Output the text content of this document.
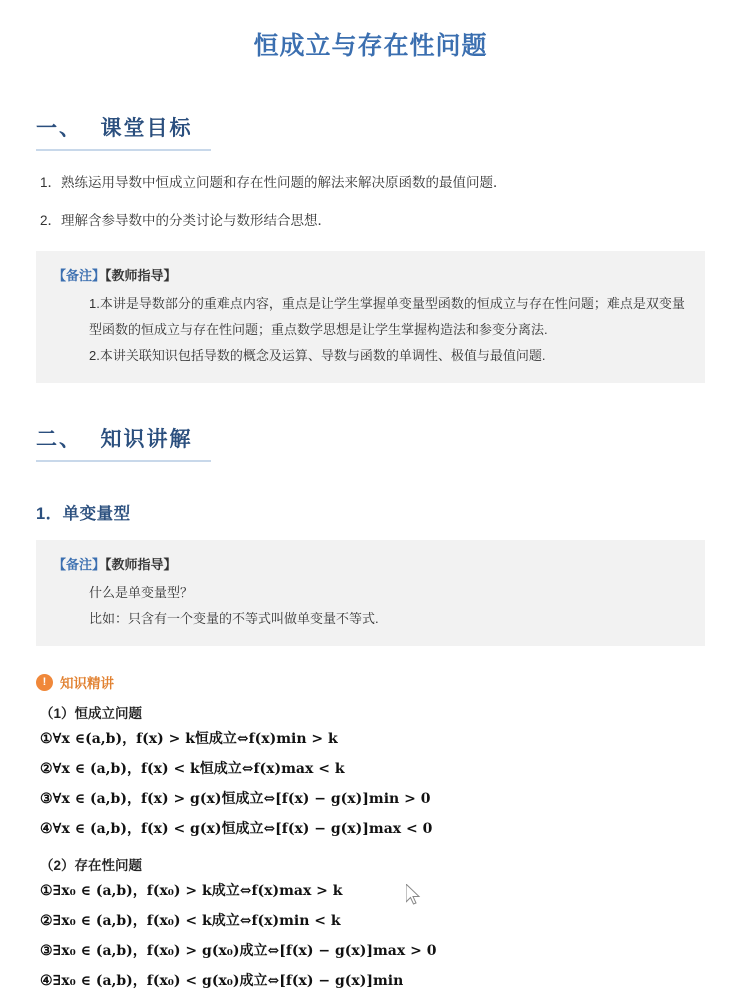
恒成立与存在性问题
一、 课堂目标
1．熟练运用导数中恒成立问题和存在性问题的解法来解决原函数的最值问题．
2．理解含参导数中的分类讨论与数形结合思想．
【备注】【教师指导】

1.本讲是导数部分的重难点内容，重点是让学生掌握单变量型函数的恒成立与存在性问题；难点是双变量型函数的恒成立与存在性问题；重点数学思想是让学生掌握构造法和参变分离法.

2.本讲关联知识包括导数的概念及运算、导数与函数的单调性、极值与最值问题.

二、 知识讲解
1．单变量型
【备注】【教师指导】

什么是单变量型？

比如：只含有一个变量的不等式叫做单变量不等式.

!	知识精讲
（1）恒成立问题
①∀x ∈(a,b)，f(x) > k恒成立⇔f(x)min > k
②∀x ∈ (a,b)，f(x) < k恒成立⇔f(x)max < k
③∀x ∈ (a,b)，f(x) > g(x)恒成立⇔[f(x) − g(x)]min > 0
④∀x ∈ (a,b)，f(x) < g(x)恒成立⇔[f(x) − g(x)]max < 0
（2）存在性问题
①∃x₀ ∈ (a,b)，f(x₀) > k成立⇔f(x)max > k
②∃x₀ ∈ (a,b)，f(x₀) < k成立⇔f(x)min < k
③∃x₀ ∈ (a,b)，f(x₀) > g(x₀)成立⇔[f(x) − g(x)]max > 0
④∃x₀ ∈ (a,b)，f(x₀) < g(x₀)成立⇔[f(x) − g(x)]min
